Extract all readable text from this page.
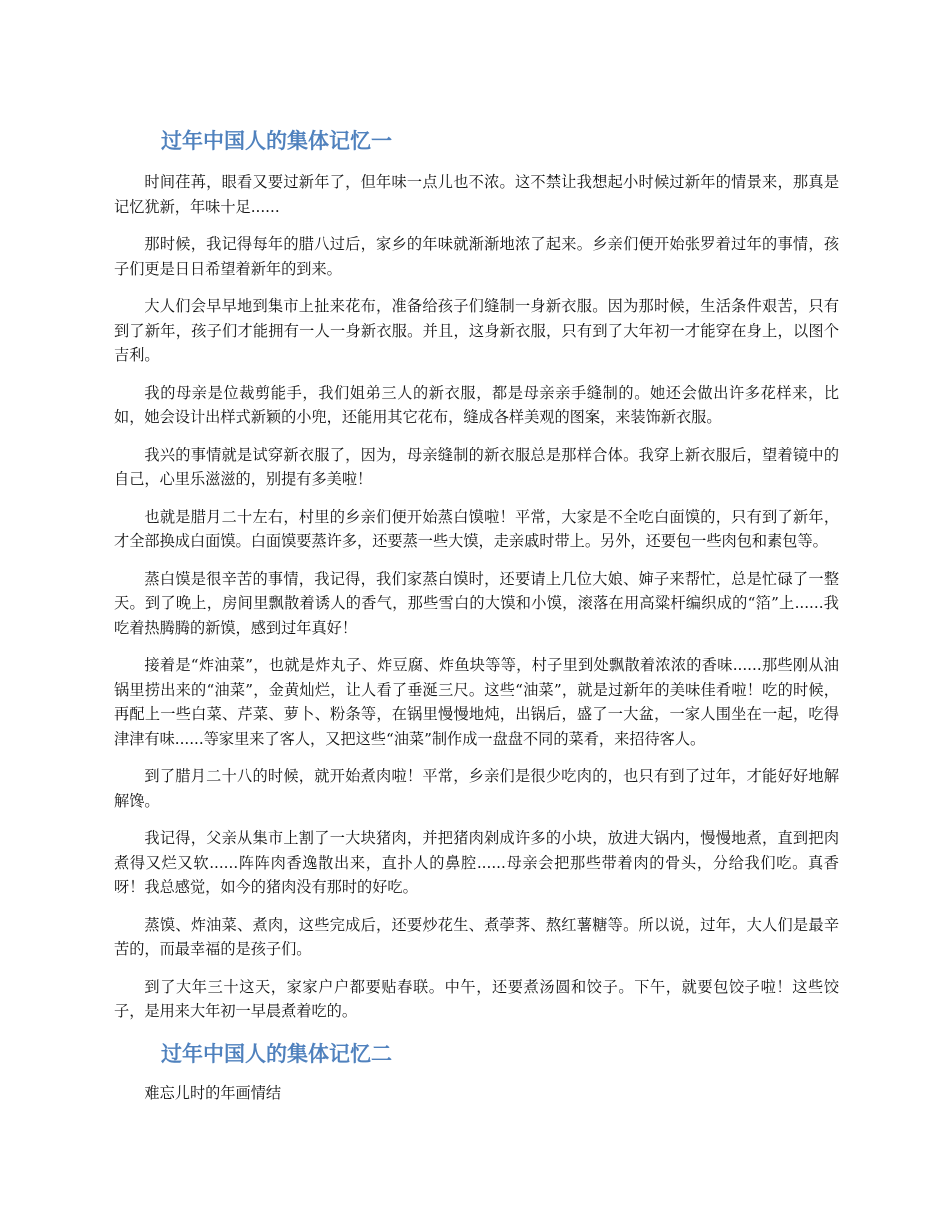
过年中国人的集体记忆一

时间荏苒，眼看又要过新年了，但年味一点儿也不浓。这不禁让我想起小时候过新年的情景来，那真是记忆犹新，年味十足......

那时候，我记得每年的腊八过后，家乡的年味就渐渐地浓了起来。乡亲们便开始张罗着过年的事情，孩子们更是日日希望着新年的到来。

大人们会早早地到集市上扯来花布，准备给孩子们缝制一身新衣服。因为那时候，生活条件艰苦，只有到了新年，孩子们才能拥有一人一身新衣服。并且，这身新衣服，只有到了大年初一才能穿在身上，以图个吉利。

我的母亲是位裁剪能手，我们姐弟三人的新衣服，都是母亲亲手缝制的。她还会做出许多花样来，比如，她会设计出样式新颖的小兜，还能用其它花布，缝成各样美观的图案，来装饰新衣服。

我兴的事情就是试穿新衣服了，因为，母亲缝制的新衣服总是那样合体。我穿上新衣服后，望着镜中的自己，心里乐滋滋的，别提有多美啦！

也就是腊月二十左右，村里的乡亲们便开始蒸白馍啦！平常，大家是不全吃白面馍的，只有到了新年，才全部换成白面馍。白面馍要蒸许多，还要蒸一些大馍，走亲戚时带上。另外，还要包一些肉包和素包等。

蒸白馍是很辛苦的事情，我记得，我们家蒸白馍时，还要请上几位大娘、婶子来帮忙，总是忙碌了一整天。到了晚上，房间里飘散着诱人的香气，那些雪白的大馍和小馍，滚落在用高粱杆编织成的“箔”上......我吃着热腾腾的新馍，感到过年真好！

接着是“炸油菜”，也就是炸丸子、炸豆腐、炸鱼块等等，村子里到处飘散着浓浓的香味......那些刚从油锅里捞出来的“油菜”，金黄灿烂，让人看了垂涎三尺。这些“油菜”，就是过新年的美味佳肴啦！吃的时候，再配上一些白菜、芹菜、萝卜、粉条等，在锅里慢慢地炖，出锅后，盛了一大盆，一家人围坐在一起，吃得津津有味......等家里来了客人，又把这些“油菜”制作成一盘盘不同的菜肴，来招待客人。

到了腊月二十八的时候，就开始煮肉啦！平常，乡亲们是很少吃肉的，也只有到了过年，才能好好地解解馋。

我记得，父亲从集市上割了一大块猪肉，并把猪肉剁成许多的小块，放进大锅内，慢慢地煮，直到把肉煮得又烂又软......阵阵肉香逸散出来，直扑人的鼻腔......母亲会把那些带着肉的骨头，分给我们吃。真香呀！我总感觉，如今的猪肉没有那时的好吃。

蒸馍、炸油菜、煮肉，这些完成后，还要炒花生、煮荸荠、熬红薯糖等。所以说，过年，大人们是最辛苦的，而最幸福的是孩子们。

到了大年三十这天，家家户户都要贴春联。中午，还要煮汤圆和饺子。下午，就要包饺子啦！这些饺子，是用来大年初一早晨煮着吃的。

过年中国人的集体记忆二

难忘儿时的年画情结
